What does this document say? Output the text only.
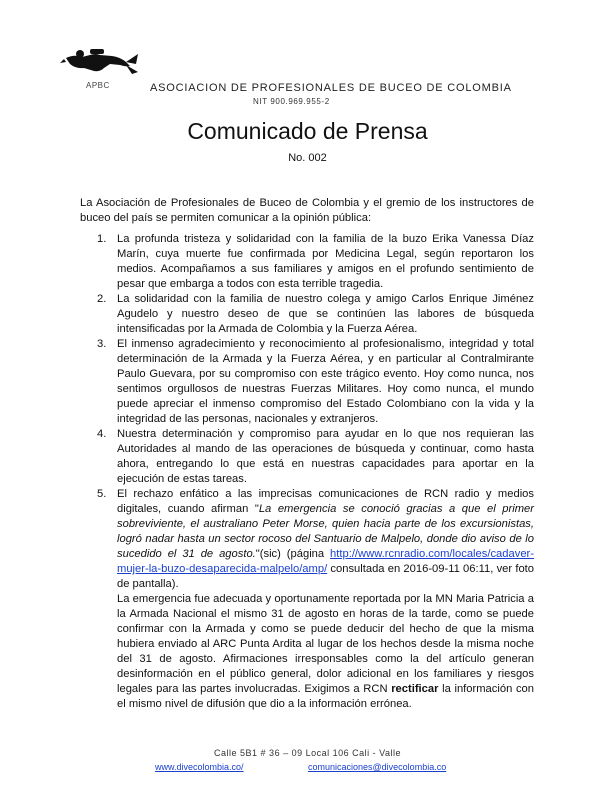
APBC	ASOCIACION DE PROFESIONALES DE BUCEO DE COLOMBIA
NIT 900.969.955-2
Comunicado de Prensa
No. 002

La Asociación de Profesionales de Buceo de Colombia y el gremio de los instructores de buceo del país se permiten comunicar a la opinión pública:

1. La profunda tristeza y solidaridad con la familia de la buzo Erika Vanessa Díaz Marín, cuya muerte fue confirmada por Medicina Legal, según reportaron los medios. Acompañamos a sus familiares y amigos en el profundo sentimiento de pesar que embarga a todos con esta terrible tragedia.
2. La solidaridad con la familia de nuestro colega y amigo Carlos Enrique Jiménez Agudelo y nuestro deseo de que se continúen las labores de búsqueda intensificadas por la Armada de Colombia y la Fuerza Aérea.
3. El inmenso agradecimiento y reconocimiento al profesionalismo, integridad y total determinación de la Armada y la Fuerza Aérea, y en particular al Contralmirante Paulo Guevara, por su compromiso con este trágico evento. Hoy como nunca, nos sentimos orgullosos de nuestras Fuerzas Militares. Hoy como nunca, el mundo puede apreciar el inmenso compromiso del Estado Colombiano con la vida y la integridad de las personas, nacionales y extranjeros.
4. Nuestra determinación y compromiso para ayudar en lo que nos requieran las Autoridades al mando de las operaciones de búsqueda y continuar, como hasta ahora, entregando lo que está en nuestras capacidades para aportar en la ejecución de estas tareas.
5. El rechazo enfático a las imprecisas comunicaciones de RCN radio y medios digitales, cuando afirman "La emergencia se conoció gracias a que el primer sobreviviente, el australiano Peter Morse, quien hacia parte de los excursionistas, logró nadar hasta un sector rocoso del Santuario de Malpelo, donde dio aviso de lo sucedido el 31 de agosto."(sic) (página http://www.rcnradio.com/locales/cadaver-mujer-la-buzo-desaparecida-malpelo/amp/ consultada en 2016-09-11 06:11, ver foto de pantalla).
La emergencia fue adecuada y oportunamente reportada por la MN Maria Patricia a la Armada Nacional el mismo 31 de agosto en horas de la tarde, como se puede confirmar con la Armada y como se puede deducir del hecho de que la misma hubiera enviado al ARC Punta Ardita al lugar de los hechos desde la misma noche del 31 de agosto. Afirmaciones irresponsables como la del artículo generan desinformación en el público general, dolor adicional en los familiares y riesgos legales para las partes involucradas. Exigimos a RCN rectificar la información con el mismo nivel de difusión que dio a la información errónea.
Calle 5B1 # 36 – 09 Local 106 Cali - Valle
www.divecolombia.co/	comunicaciones@divecolombia.co
